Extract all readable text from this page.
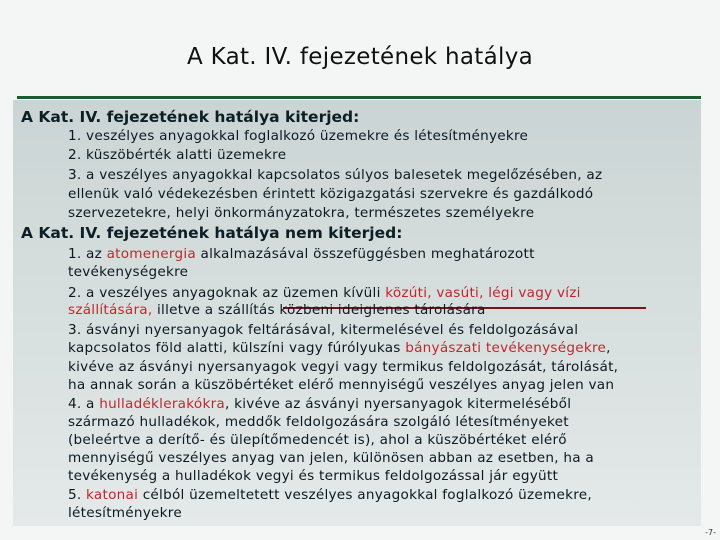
A Kat. IV. fejezetének hatálya
A Kat. IV. fejezetének hatálya kiterjed:
1. veszélyes anyagokkal foglalkozó üzemekre és létesítményekre
2. küszöbérték alatti üzemekre
3. a veszélyes anyagokkal kapcsolatos súlyos balesetek megelőzésében, az
ellenük való védekezésben érintett közigazgatási szervekre és gazdálkodó
szervezetekre, helyi önkormányzatokra, természetes személyekre
A Kat. IV. fejezetének hatálya nem kiterjed:
1. az atomenergia alkalmazásával összefüggésben meghatározott
tevékenységekre
2. a veszélyes anyagoknak az üzemen kívüli közúti, vasúti, légi vagy vízi
szállítására, illetve a szállítás közbeni ideiglenes tárolására
3. ásványi nyersanyagok feltárásával, kitermelésével és feldolgozásával
kapcsolatos föld alatti, külszíni vagy fúrólyukas bányászati tevékenységekre,
kivéve az ásványi nyersanyagok vegyi vagy termikus feldolgozását, tárolását,
ha annak során a küszöbértéket elérő mennyiségű veszélyes anyag jelen van
4. a hulladéklerakókra, kivéve az ásványi nyersanyagok kitermeléséből
származó hulladékok, meddők feldolgozására szolgáló létesítményeket
(beleértve a derítő- és ülepítőmedencét is), ahol a küszöbértéket elérő
mennyiségű veszélyes anyag van jelen, különösen abban az esetben, ha a
tevékenység a hulladékok vegyi és termikus feldolgozással jár együtt
5. katonai célból üzemeltetett veszélyes anyagokkal foglalkozó üzemekre,
létesítményekre
-7-
